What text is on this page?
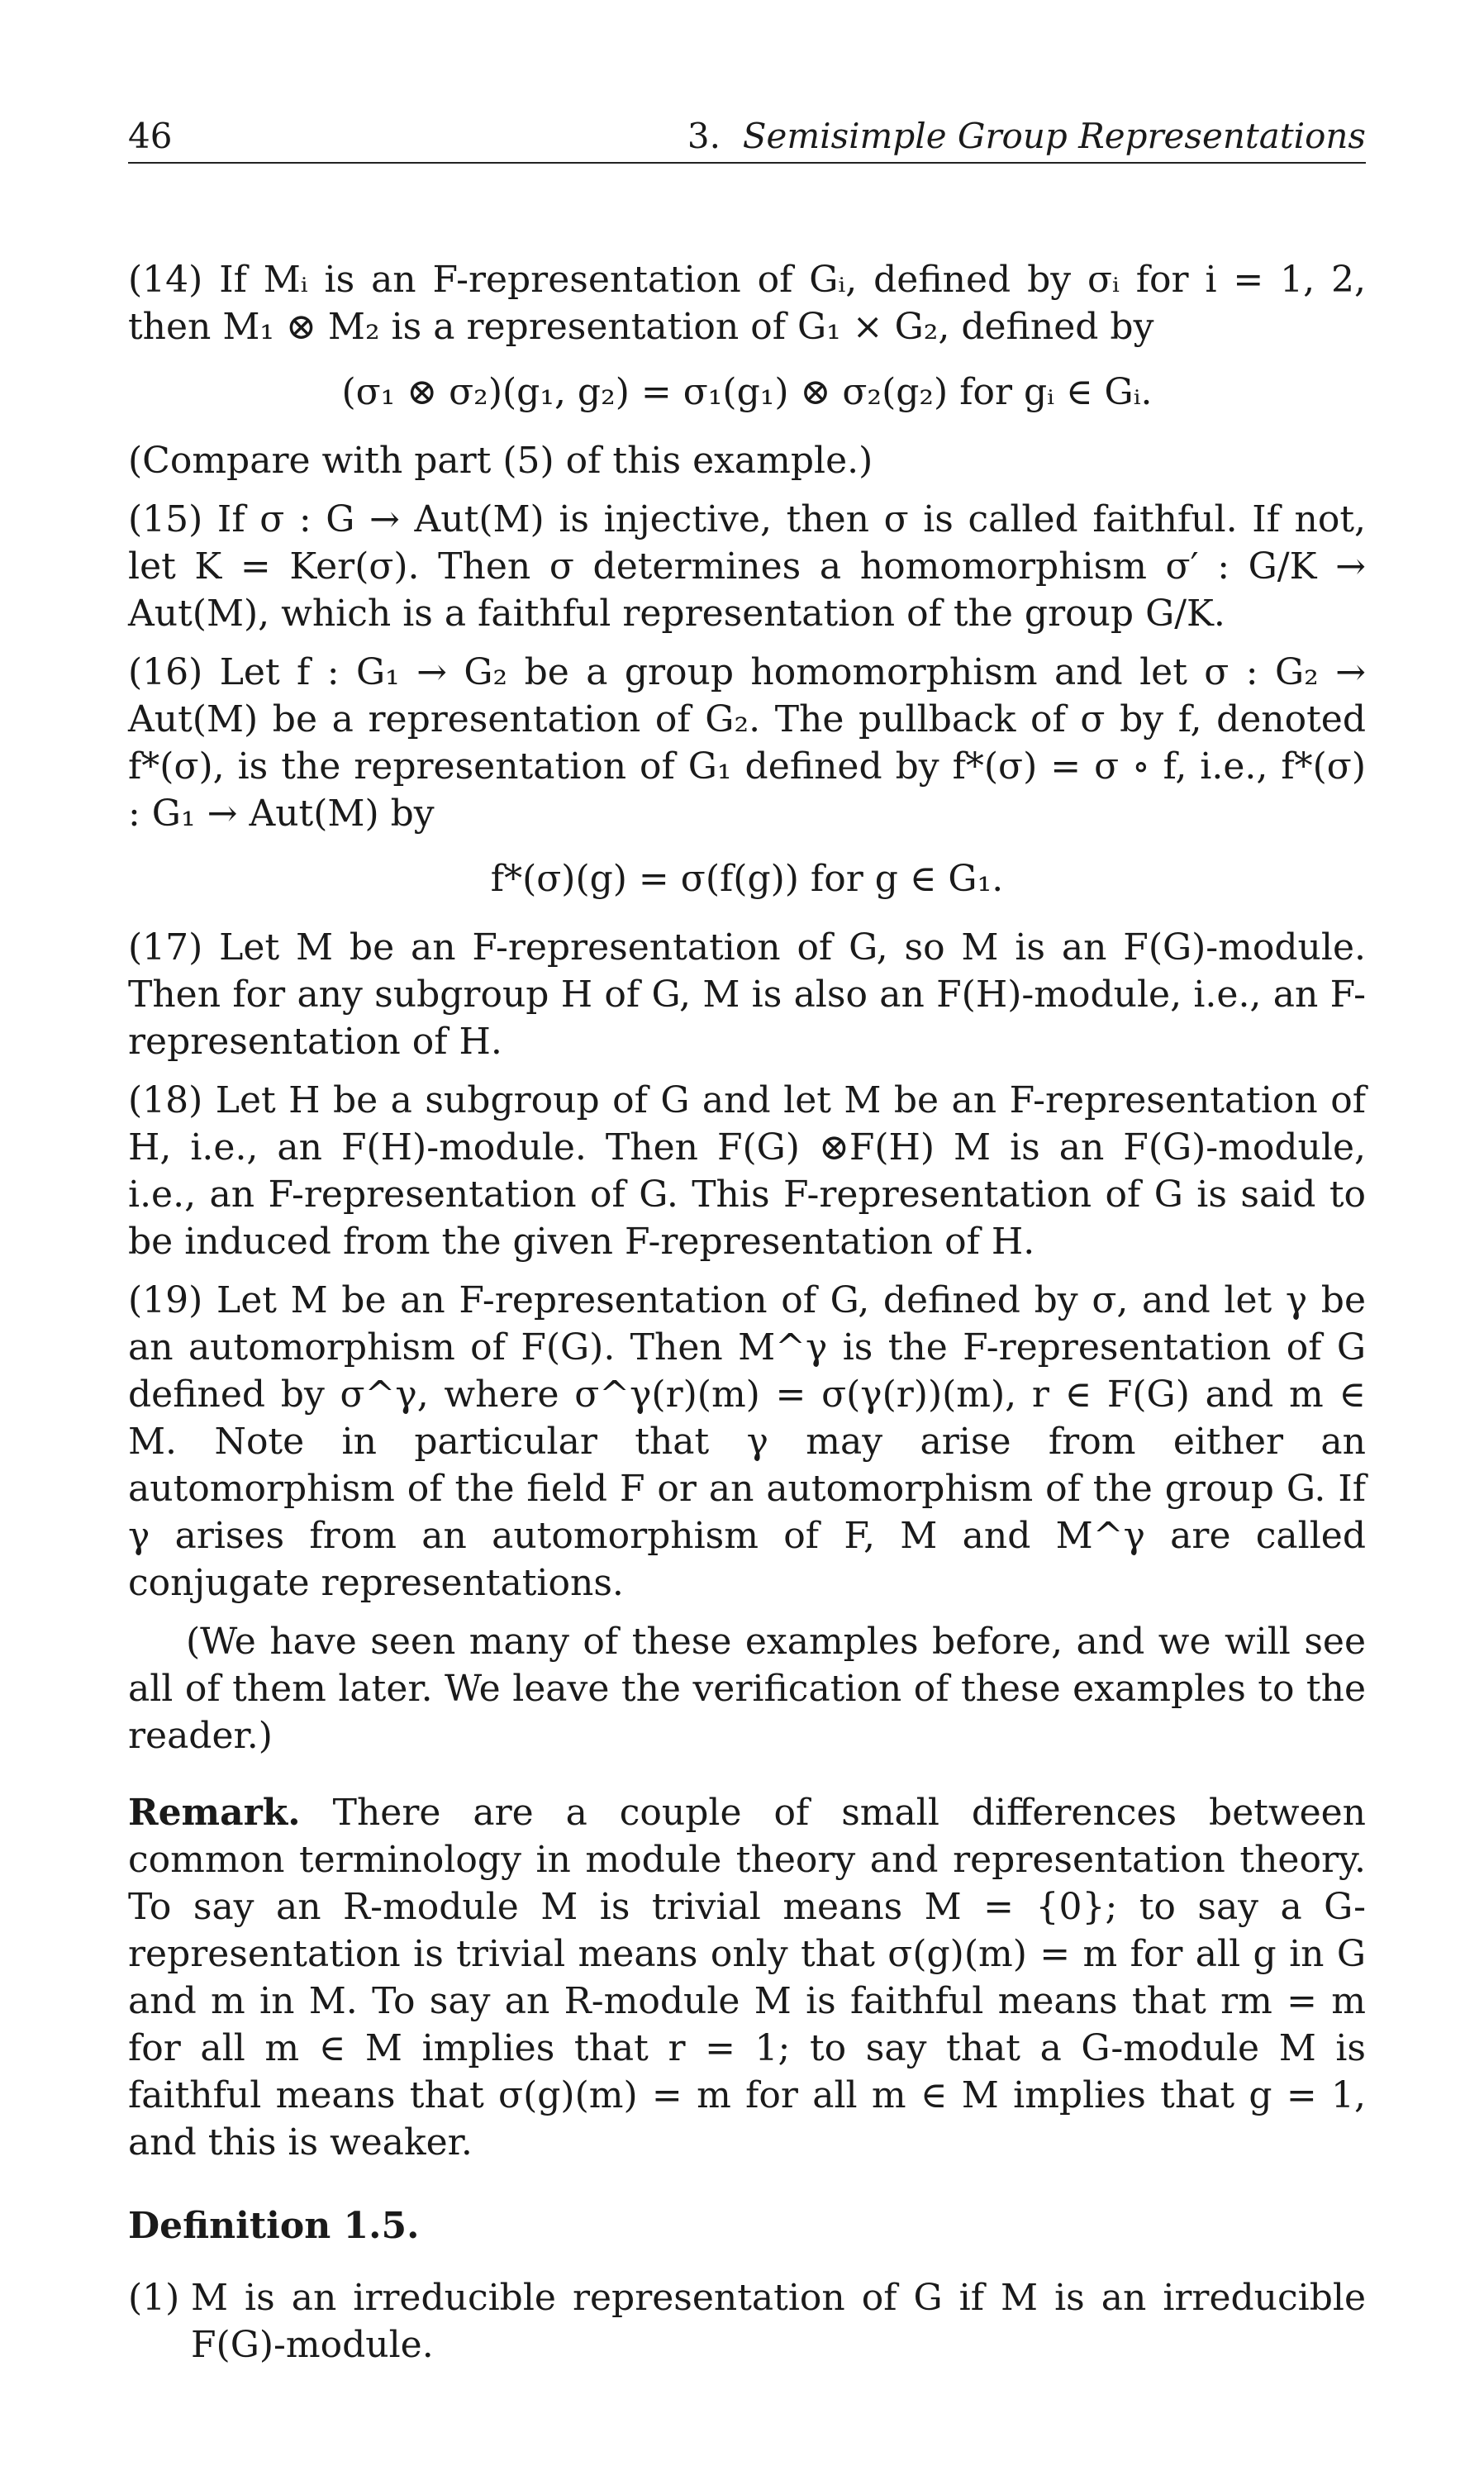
46	3. Semisimple Group Representations

(14) If Mᵢ is an F-representation of Gᵢ, defined by σᵢ for i = 1, 2, then M₁ ⊗ M₂ is a representation of G₁ × G₂, defined by

(σ₁ ⊗ σ₂)(g₁, g₂) = σ₁(g₁) ⊗ σ₂(g₂) for gᵢ ∈ Gᵢ.

(Compare with part (5) of this example.)

(15) If σ : G → Aut(M) is injective, then σ is called faithful. If not, let K = Ker(σ). Then σ determines a homomorphism σ′ : G/K → Aut(M), which is a faithful representation of the group G/K.

(16) Let f : G₁ → G₂ be a group homomorphism and let σ : G₂ → Aut(M) be a representation of G₂. The pullback of σ by f, denoted f*(σ), is the representation of G₁ defined by f*(σ) = σ ∘ f, i.e., f*(σ) : G₁ → Aut(M) by

f*(σ)(g) = σ(f(g)) for g ∈ G₁.

(17) Let M be an F-representation of G, so M is an F(G)-module. Then for any subgroup H of G, M is also an F(H)-module, i.e., an F-representation of H.

(18) Let H be a subgroup of G and let M be an F-representation of H, i.e., an F(H)-module. Then F(G) ⊗F(H) M is an F(G)-module, i.e., an F-representation of G. This F-representation of G is said to be induced from the given F-representation of H.

(19) Let M be an F-representation of G, defined by σ, and let γ be an automorphism of F(G). Then M^γ is the F-representation of G defined by σ^γ, where σ^γ(r)(m) = σ(γ(r))(m), r ∈ F(G) and m ∈ M. Note in particular that γ may arise from either an automorphism of the field F or an automorphism of the group G. If γ arises from an automorphism of F, M and M^γ are called conjugate representations.

(We have seen many of these examples before, and we will see all of them later. We leave the verification of these examples to the reader.)

Remark. There are a couple of small differences between common terminology in module theory and representation theory. To say an R-module M is trivial means M = {0}; to say a G-representation is trivial means only that σ(g)(m) = m for all g in G and m in M. To say an R-module M is faithful means that rm = m for all m ∈ M implies that r = 1; to say that a G-module M is faithful means that σ(g)(m) = m for all m ∈ M implies that g = 1, and this is weaker.

Definition 1.5.

(1) M is an irreducible representation of G if M is an irreducible F(G)-module.
